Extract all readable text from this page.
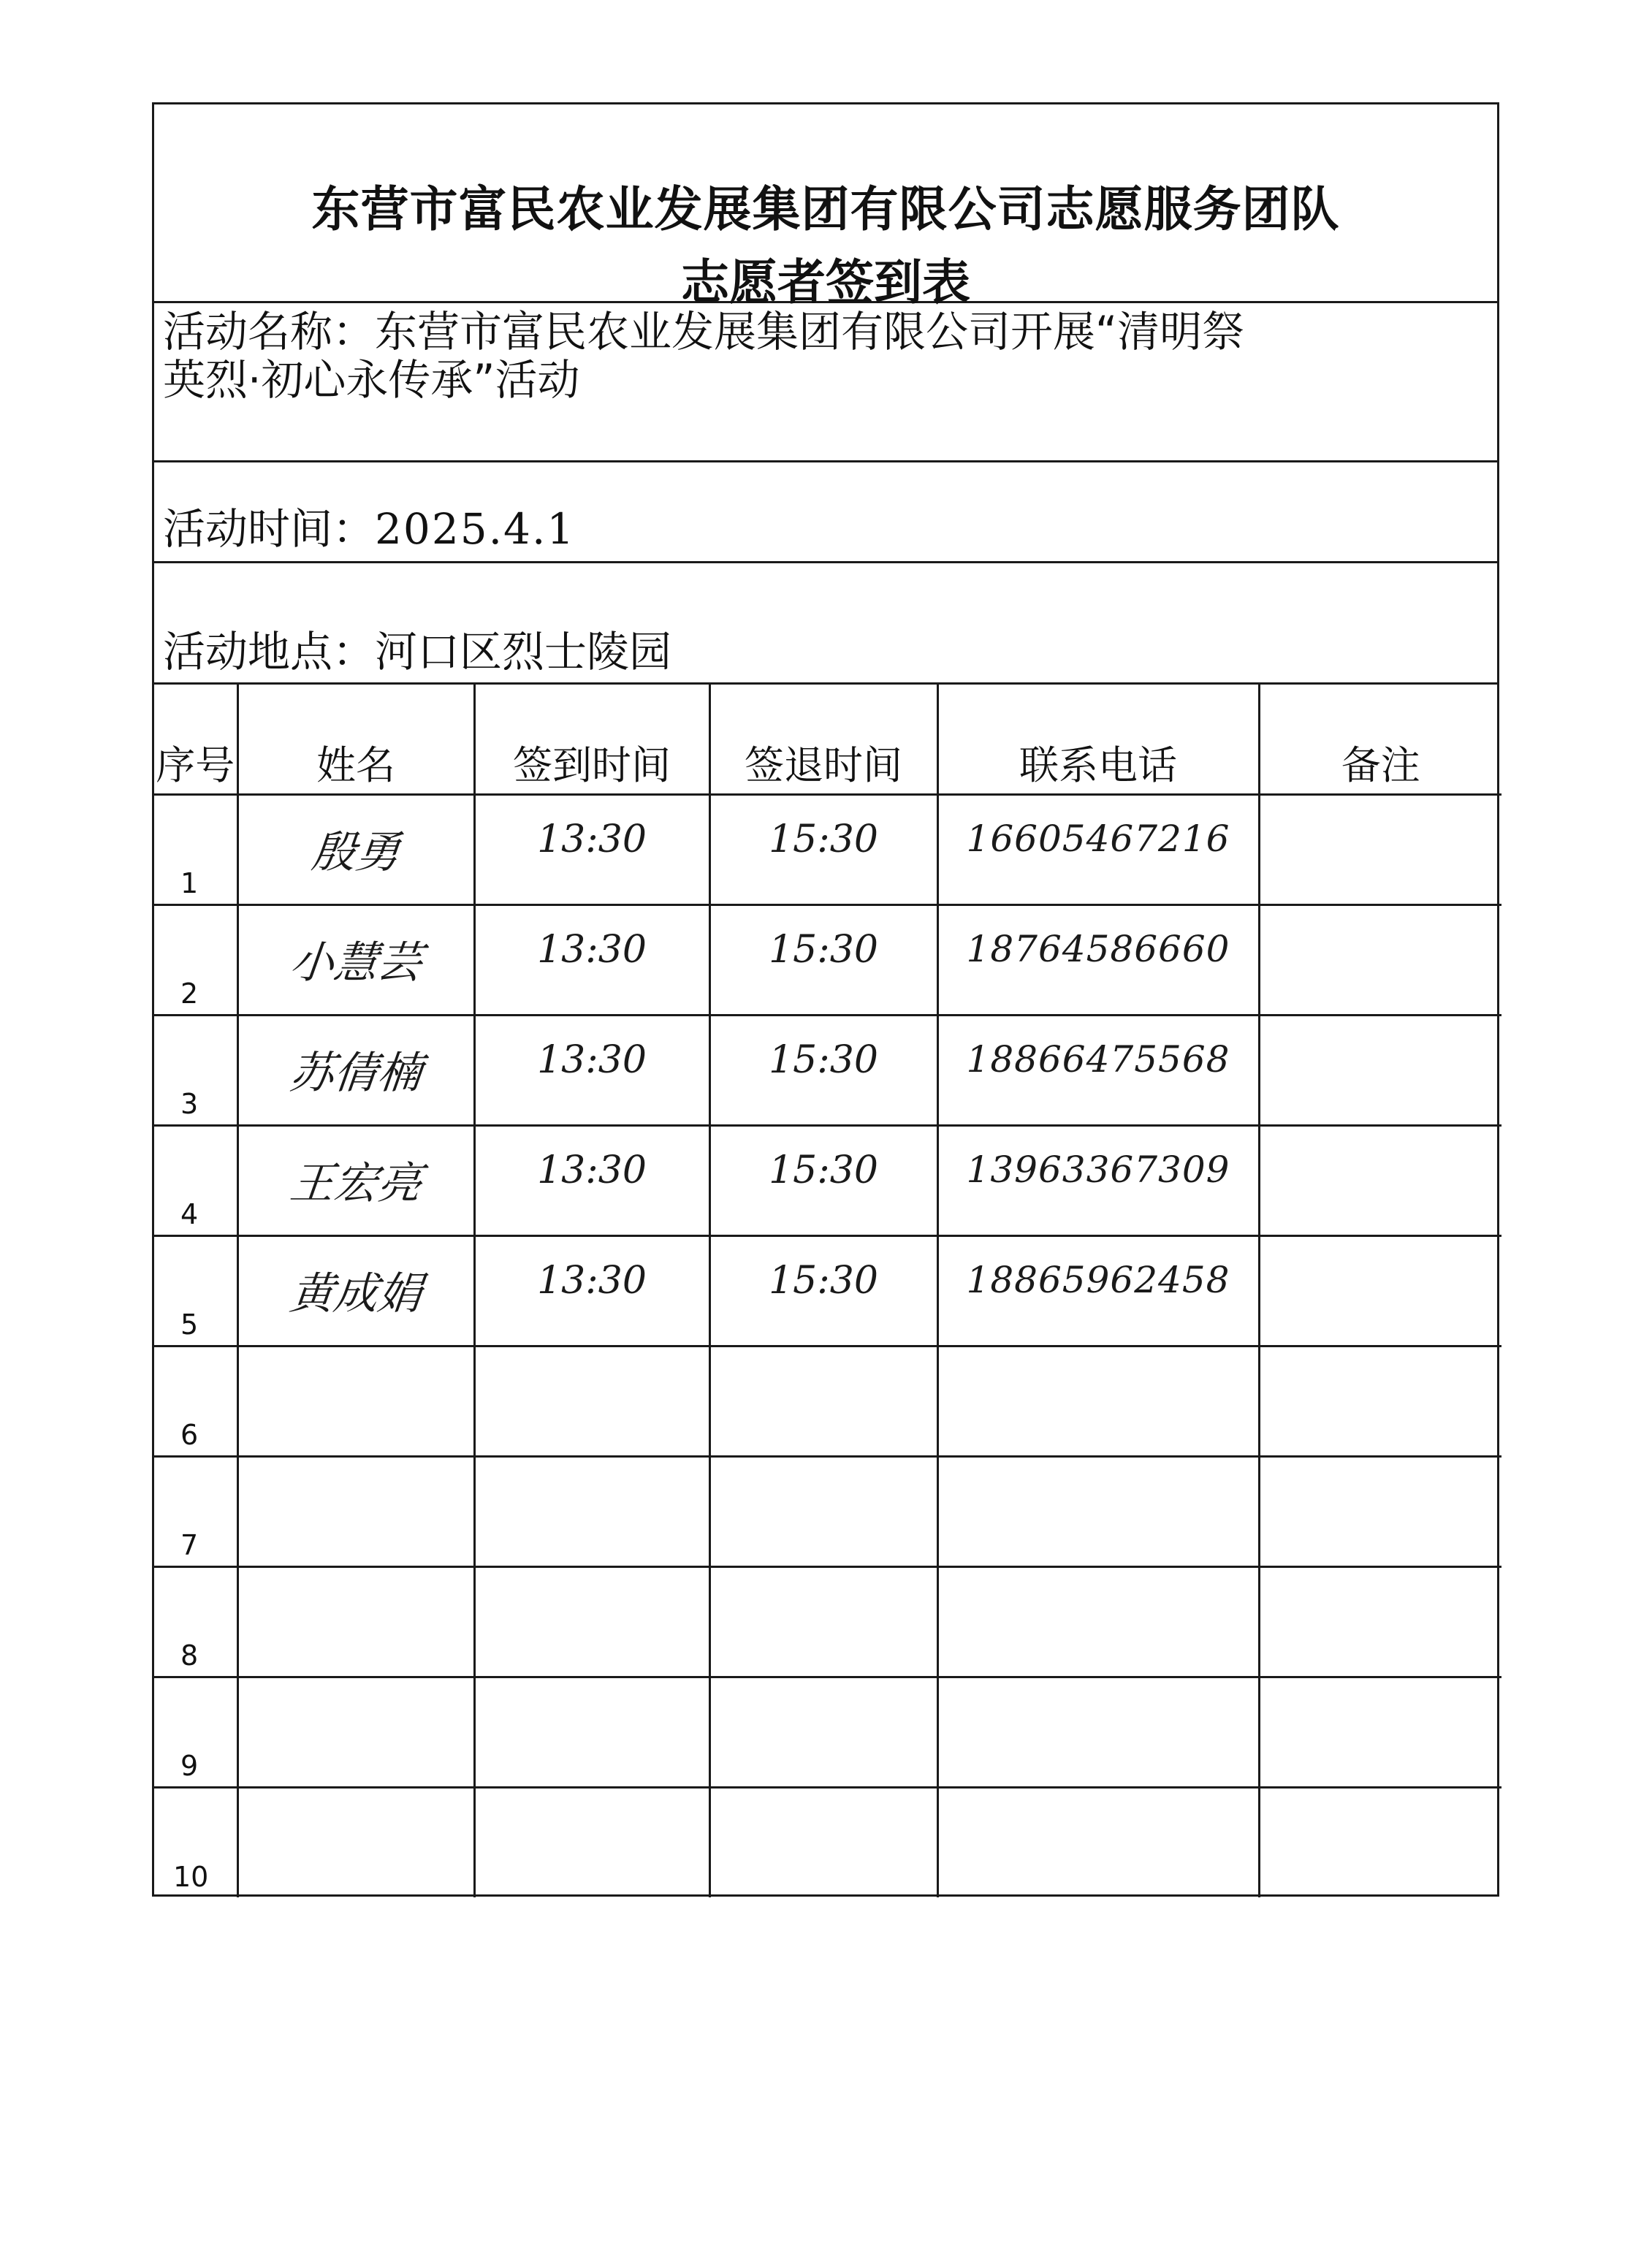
东营市富民农业发展集团有限公司志愿服务团队
志愿者签到表
活动名称：东营市富民农业发展集团有限公司开展“清明祭
英烈·初心永传承”活动
活动时间：2025.4.1
活动地点：河口区烈士陵园
序号	姓名	签到时间	签退时间	联系电话	备注

1	殷勇	13:30	15:30	16605467216	

2	小慧芸	13:30	15:30	18764586660	

3	苏倩楠	13:30	15:30	18866475568	

4	王宏亮	13:30	15:30	13963367309	

5	黄成娟	13:30	15:30	18865962458	

6					

7					

8					

9					

10					
